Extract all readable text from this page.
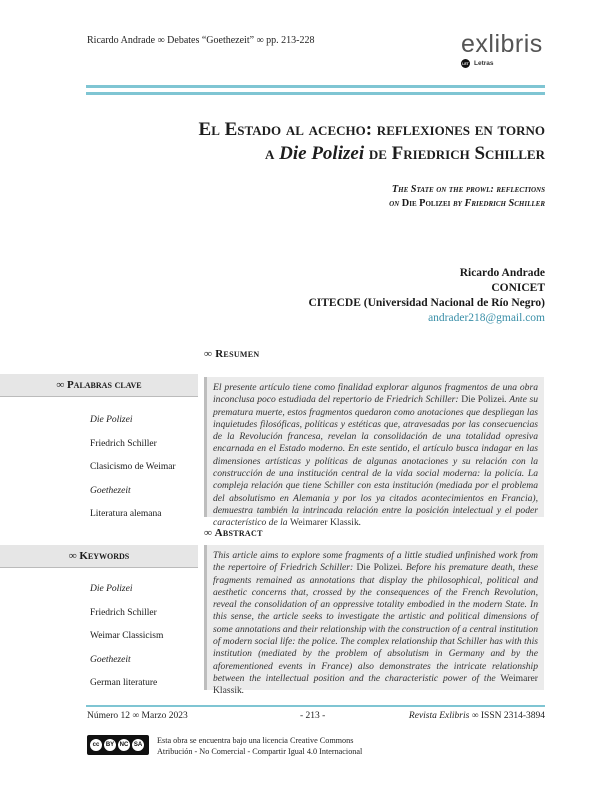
Ricardo Andrade ∞ Debates “Goethezeit” ∞ pp. 213-228	exlibris
LET Letras
El Estado al acecho: reflexiones en torno
a Die Polizei de Friedrich Schiller
The State on the prowl: reflections
on Die Polizei by Friedrich Schiller
Ricardo Andrade
CONICET
CITECDE (Universidad Nacional de Río Negro)
andrader218@gmail.com
∞ Resumen
∞ Palabras clave
Die Polizei
Friedrich Schiller
Clasicismo de Weimar
Goethezeit
Literatura alemana
El presente artículo tiene como finalidad explorar algunos fragmentos de una obra inconclusa poco estudiada del repertorio de Friedrich Schiller: Die Polizei. Ante su prematura muerte, estos fragmentos quedaron como anotaciones que despliegan las inquietudes filosóficas, políticas y estéticas que, atravesadas por las consecuencias de la Revolución francesa, revelan la consolidación de una totalidad opresiva encarnada en el Estado moderno. En este sentido, el artículo busca indagar en las dimensiones artísticas y políticas de algunas anotaciones y su relación con la construcción de una institución central de la vida social moderna: la policía. La compleja relación que tiene Schiller con esta institución (mediada por el problema del absolutismo en Alemania y por los ya citados acontecimientos en Francia), demuestra también la intrincada relación entre la posición intelectual y el poder característico de la Weimarer Klassik.
∞ Abstract
∞ Keywords
Die Polizei
Friedrich Schiller
Weimar Classicism
Goethezeit
German literature
This article aims to explore some fragments of a little studied unfinished work from the repertoire of Friedrich Schiller: Die Polizei. Before his premature death, these fragments remained as annotations that display the philosophical, political and aesthetic concerns that, crossed by the consequences of the French Revolution, reveal the consolidation of an oppressive totality embodied in the modern State. In this sense, the article seeks to investigate the artistic and political dimensions of some annotations and their relationship with the construction of a central institution of modern social life: the police. The complex relationship that Schiller has with this institution (mediated by the problem of absolutism in Germany and by the aforementioned events in France) also demonstrates the intricate relationship between the intellectual position and the characteristic power of the Weimarer Klassik.
Número 12 ∞ Marzo 2023	- 213 -	Revista Exlibris ∞ ISSN 2314-3894
cc	BY NC SA Esta obra se encuentra bajo una licencia Creative Commons
Atribución - No Comercial - Compartir Igual 4.0 Internacional
